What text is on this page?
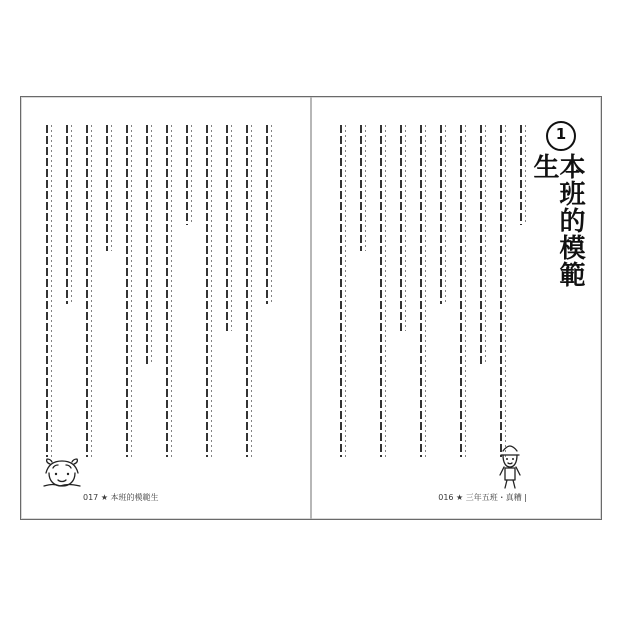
017 ★ 本班的模範生
1
本班的模範生
016 ★ 三年五班・真糟 |
